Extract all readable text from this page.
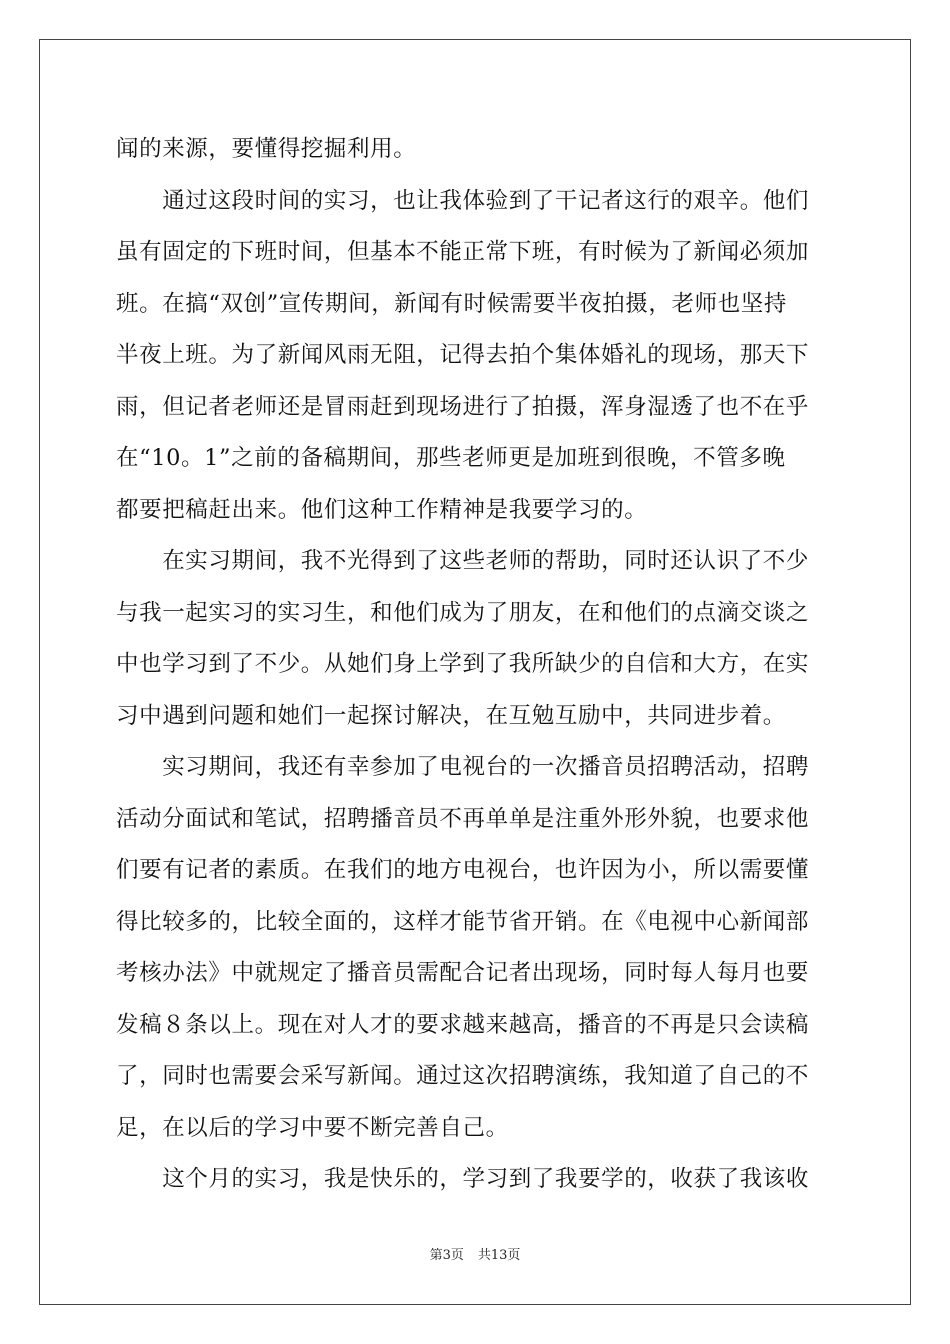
闻的来源，要懂得挖掘利用。
　　通过这段时间的实习，也让我体验到了干记者这行的艰辛。他们
虽有固定的下班时间，但基本不能正常下班，有时候为了新闻必须加
班。在搞“双创”宣传期间，新闻有时候需要半夜拍摄，老师也坚持
半夜上班。为了新闻风雨无阻，记得去拍个集体婚礼的现场，那天下
雨，但记者老师还是冒雨赶到现场进行了拍摄，浑身湿透了也不在乎
在“10。1”之前的备稿期间，那些老师更是加班到很晚，不管多晚
都要把稿赶出来。他们这种工作精神是我要学习的。
　　在实习期间，我不光得到了这些老师的帮助，同时还认识了不少
与我一起实习的实习生，和他们成为了朋友，在和他们的点滴交谈之
中也学习到了不少。从她们身上学到了我所缺少的自信和大方，在实
习中遇到问题和她们一起探讨解决，在互勉互励中，共同进步着。
　　实习期间，我还有幸参加了电视台的一次播音员招聘活动，招聘
活动分面试和笔试，招聘播音员不再单单是注重外形外貌，也要求他
们要有记者的素质。在我们的地方电视台，也许因为小，所以需要懂
得比较多的，比较全面的，这样才能节省开销。在《电视中心新闻部
考核办法》中就规定了播音员需配合记者出现场，同时每人每月也要
发稿８条以上。现在对人才的要求越来越高，播音的不再是只会读稿
了，同时也需要会采写新闻。通过这次招聘演练，我知道了自己的不
足，在以后的学习中要不断完善自己。
　　这个月的实习，我是快乐的，学习到了我要学的，收获了我该收
第3页 共13页
